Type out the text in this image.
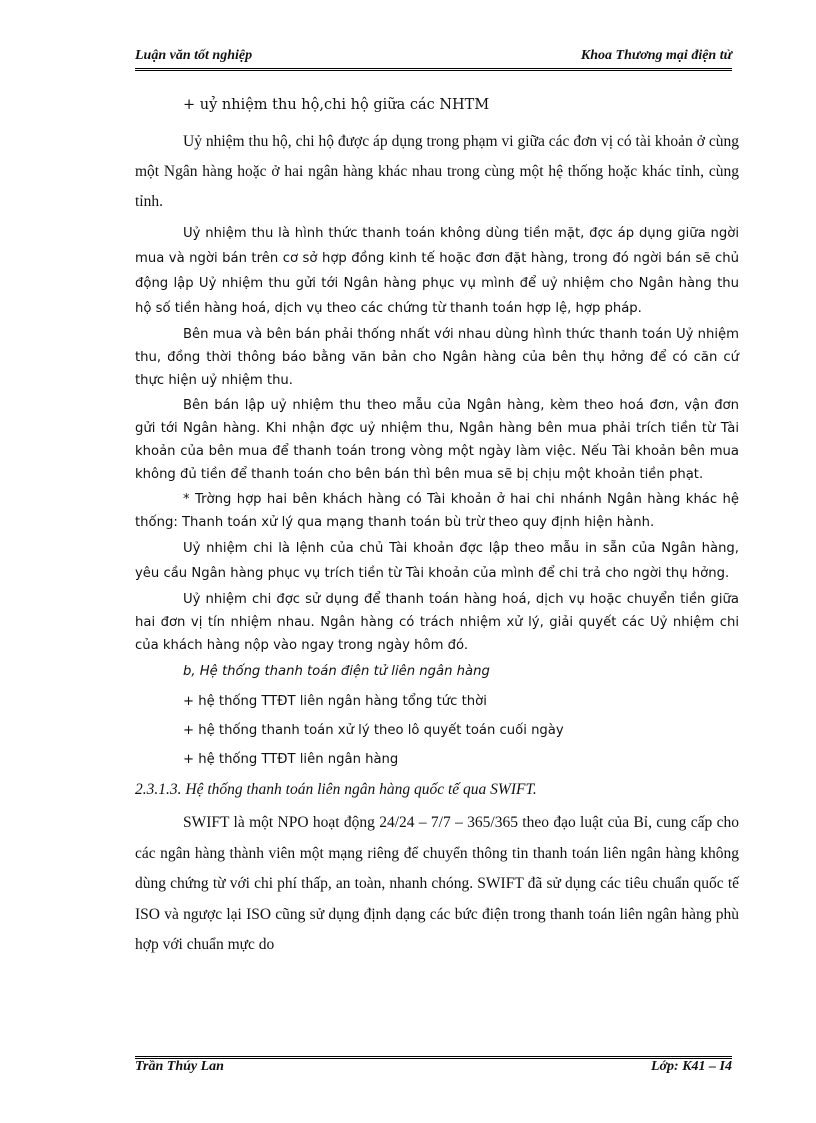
Luận văn tốt nghiệp	Khoa Thương mại điện tử

+ uỷ nhiệm thu hộ,chi hộ giữa các NHTM

Uỷ nhiệm thu hộ, chi hộ được áp dụng trong phạm vi giữa các đơn vị có tài khoản ở cùng một Ngân hàng hoặc ở hai ngân hàng khác nhau trong cùng một hệ thống hoặc khác tỉnh, cùng tỉnh.

Uỷ nhiệm thu là hình thức thanh toán không dùng tiền mặt, đợc áp dụng giữa ngời mua và ngời bán trên cơ sở hợp đồng kinh tế hoặc đơn đặt hàng, trong đó ngời bán sẽ chủ động lập Uỷ nhiệm thu gửi tới Ngân hàng phục vụ mình để uỷ nhiệm cho Ngân hàng thu hộ số tiền hàng hoá, dịch vụ theo các chứng từ thanh toán hợp lệ, hợp pháp.

Bên mua và bên bán phải thống nhất với nhau dùng hình thức thanh toán Uỷ nhiệm thu, đồng thời thông báo bằng văn bản cho Ngân hàng của bên thụ hởng để có căn cứ thực hiện uỷ nhiệm thu.

Bên bán lập uỷ nhiệm thu theo mẫu của Ngân hàng, kèm theo hoá đơn, vận đơn gửi tới Ngân hàng. Khi nhận đợc uỷ nhiệm thu, Ngân hàng bên mua phải trích tiền từ Tài khoản của bên mua để thanh toán trong vòng một ngày làm việc. Nếu Tài khoản bên mua không đủ tiền để thanh toán cho bên bán thì bên mua sẽ bị chịu một khoản tiền phạt.

* Trờng hợp hai bên khách hàng có Tài khoản ở hai chi nhánh Ngân hàng khác hệ thống: Thanh toán xử lý qua mạng thanh toán bù trừ theo quy định hiện hành.

Uỷ nhiệm chi là lệnh của chủ Tài khoản đợc lập theo mẫu in sẵn của Ngân hàng, yêu cầu Ngân hàng phục vụ trích tiền từ Tài khoản của mình để chi trả cho ngời thụ hởng.

Uỷ nhiệm chi đợc sử dụng để thanh toán hàng hoá, dịch vụ hoặc chuyển tiền giữa hai đơn vị tín nhiệm nhau. Ngân hàng có trách nhiệm xử lý, giải quyết các Uỷ nhiệm chi của khách hàng nộp vào ngay trong ngày hôm đó.

b, Hệ thống thanh toán điện tử liên ngân hàng

+ hệ thống TTĐT liên ngân hàng tổng tức thời

+ hệ thống thanh toán xử lý theo lô quyết toán cuối ngày

+ hệ thống TTĐT liên ngân hàng

2.3.1.3. Hệ thống thanh toán liên ngân hàng quốc tế qua SWIFT.

SWIFT là một NPO hoạt động 24/24 – 7/7 – 365/365 theo đạo luật của Bỉ, cung cấp cho các ngân hàng thành viên một mạng riêng để chuyển thông tin thanh toán liên ngân hàng không dùng chứng từ với chi phí thấp, an toàn, nhanh chóng. SWIFT đã sử dụng các tiêu chuẩn quốc tế ISO và ngược lại ISO cũng sử dụng định dạng các bức điện trong thanh toán liên ngân hàng phù hợp với chuẩn mực do

Trần Thúy Lan	Lớp: K41 – I4
